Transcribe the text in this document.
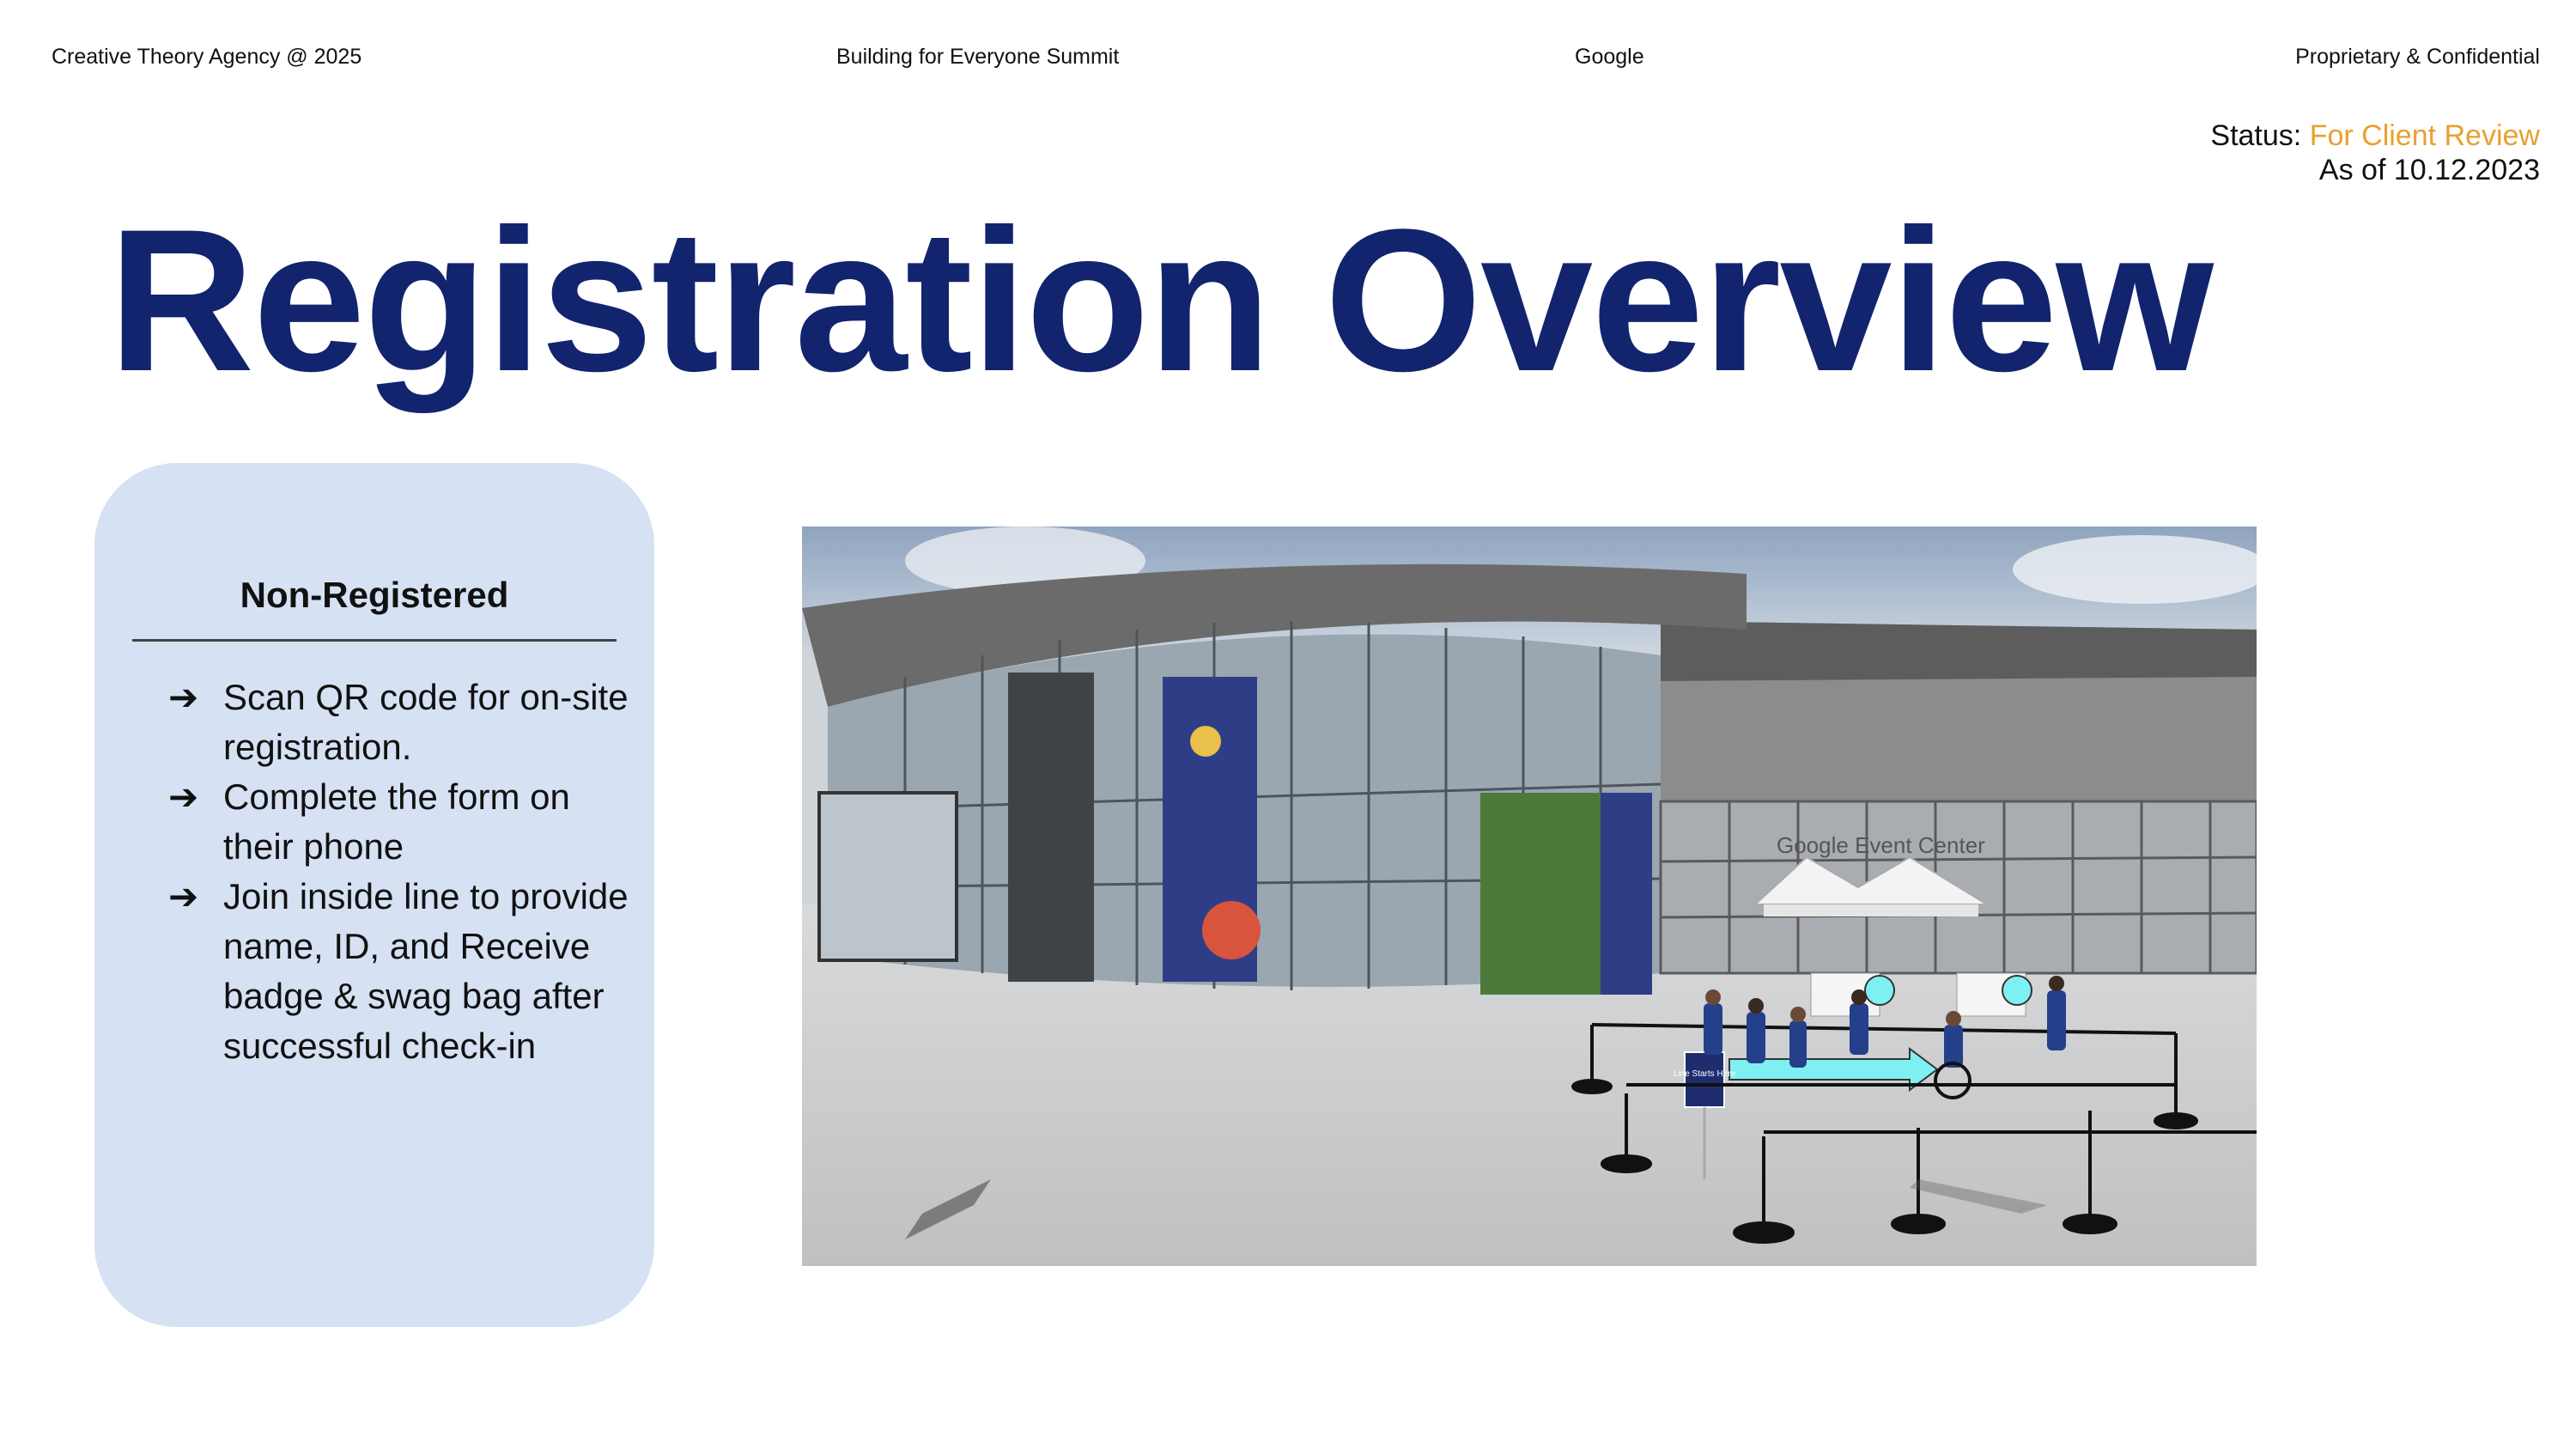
Creative Theory Agency @ 2025	Building for Everyone Summit	Google	Proprietary & Confidential
Status: For Client Review
As of 10.12.2023
Registration Overview
Non-Registered
➔ Scan QR code for on-site registration.
➔ Complete the form on their phone
➔ Join inside line to provide name, ID, and Receive badge & swag bag after successful check-in
Google Event Center
Line Starts Here
